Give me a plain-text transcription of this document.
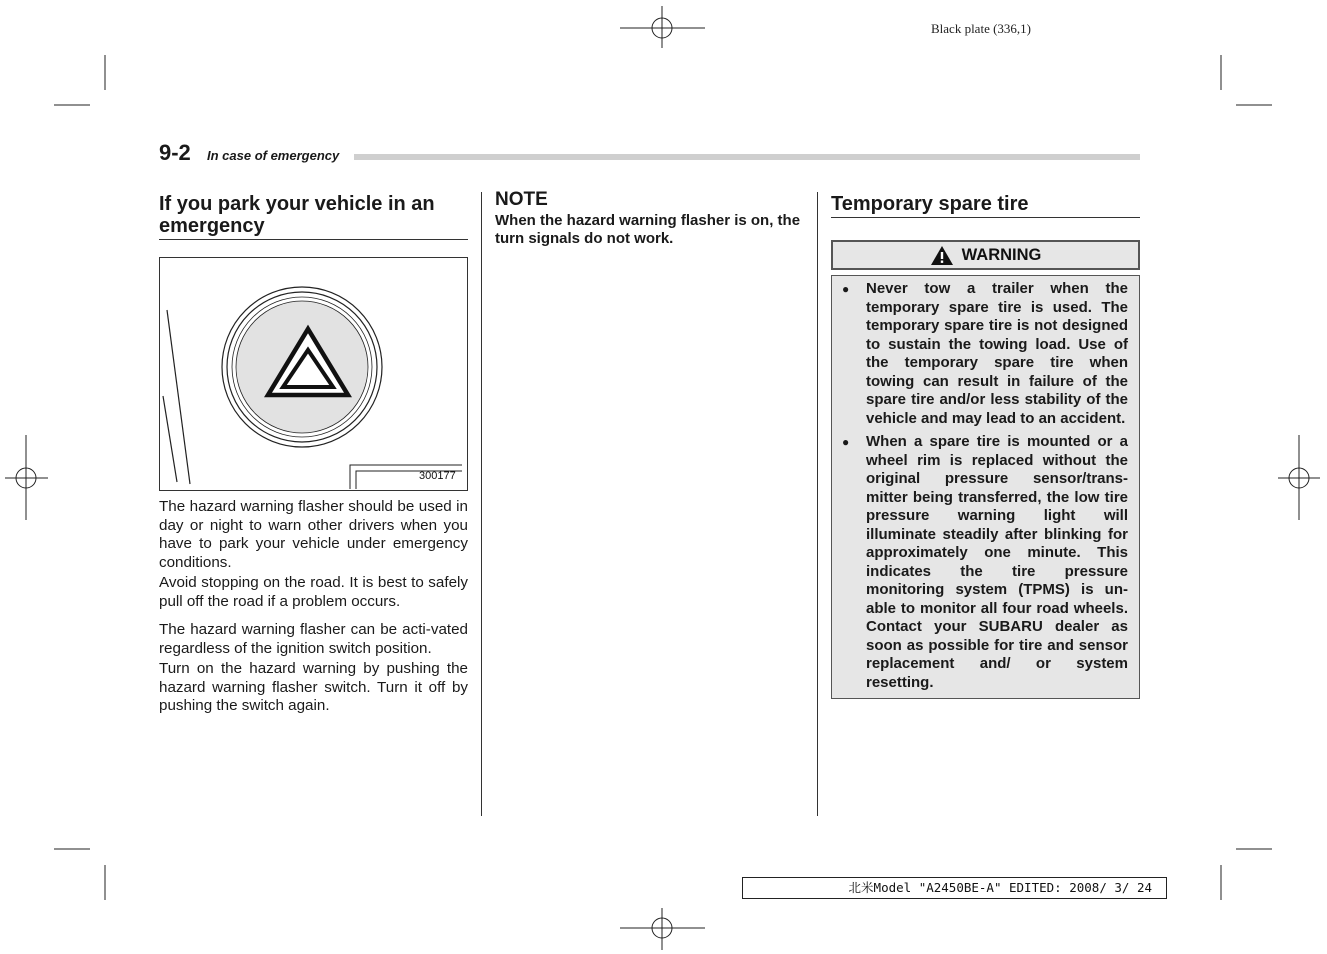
Black plate (336,1)
9-2	In case of emergency
If you park your vehicle in an emergency
300177

The hazard warning flasher should be used in day or night to warn other drivers when you have to park your vehicle under emergency conditions.

Avoid stopping on the road. It is best to safely pull off the road if a problem occurs.

The hazard warning flasher can be acti-vated regardless of the ignition switch position.

Turn on the hazard warning by pushing the hazard warning flasher switch. Turn it off by pushing the switch again.

NOTE
When the hazard warning flasher is on, the turn signals do not work.
Temporary spare tire
WARNING
●	Never tow a trailer when the temporary spare tire is used. The temporary spare tire is not designed to sustain the towing load. Use of the temporary spare tire when towing can result in failure of the spare tire and/or less stability of the vehicle and may lead to an accident.
●	When a spare tire is mounted or a wheel rim is replaced without the original pressure sensor/trans-mitter being transferred, the low tire pressure warning light will illuminate steadily after blinking for approximately one minute. This indicates the tire pressure monitoring system (TPMS) is un-able to monitor all four road wheels. Contact your SUBARU dealer as soon as possible for tire and sensor replacement and/ or system resetting.
北米Model "A2450BE-A" EDITED: 2008/ 3/ 24
